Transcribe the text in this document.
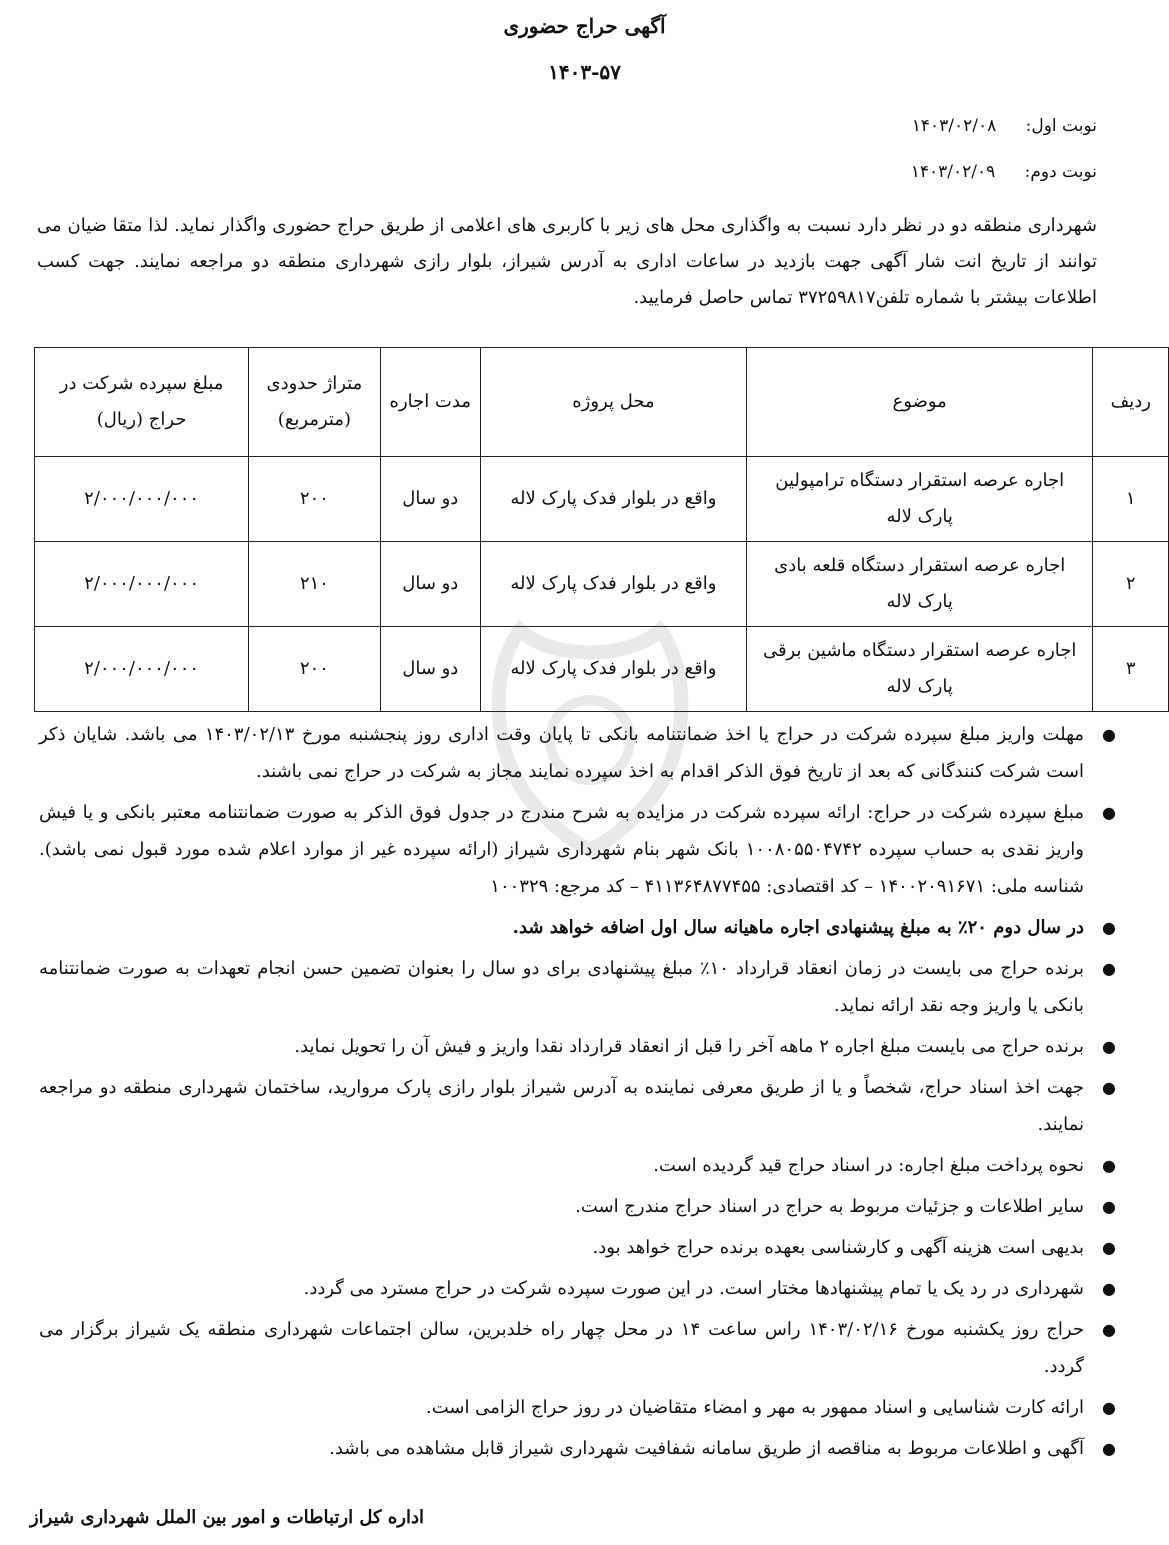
آگهی حراج حضوری
۱۴۰۳-۵۷
نوبت اول: ۱۴۰۳/۰۲/۰۸
نوبت دوم: ۱۴۰۳/۰۲/۰۹
شهرداری منطقه دو در نظر دارد نسبت به واگذاری محل های زیر با کاربری های اعلامی از طریق حراج حضوری واگذار نماید. لذا متقا ضیان می توانند از تاریخ انت شار آگهی جهت بازدید در ساعات اداری به آدرس شیراز، بلوار رازی شهرداری منطقه دو مراجعه نمایند. جهت کسب اطلاعات بیشتر با شماره تلفن۳۷۲۵۹۸۱۷ تماس حاصل فرمایید.
ردیف	موضوع	محل پروژه	مدت اجاره	متراژ حدودی (مترمربع)	مبلغ سپرده شرکت در حراج (ریال)
۱	اجاره عرصه استقرار دستگاه ترامپولین پارک لاله	واقع در بلوار فدک پارک لاله	دو سال	۲۰۰	۲/۰۰۰/۰۰۰/۰۰۰
۲	اجاره عرصه استقرار دستگاه قلعه بادی پارک لاله	واقع در بلوار فدک پارک لاله	دو سال	۲۱۰	۲/۰۰۰/۰۰۰/۰۰۰
۳	اجاره عرصه استقرار دستگاه ماشین برقی پارک لاله	واقع در بلوار فدک پارک لاله	دو سال	۲۰۰	۲/۰۰۰/۰۰۰/۰۰۰
●
مهلت واریز مبلغ سپرده شرکت در حراج یا اخذ ضمانتنامه بانکی تا پایان وقت اداری روز پنجشنبه مورخ ۱۴۰۳/۰۲/۱۳ می باشد. شایان ذکر است شرکت کنندگانی که بعد از تاریخ فوق الذکر اقدام به اخذ سپرده نمایند مجاز به شرکت در حراج نمی باشند.
●
مبلغ سپرده شرکت در حراج: ارائه سپرده شرکت در مزایده به شرح مندرج در جدول فوق الذکر به صورت ضمانتنامه معتبر بانکی و یا فیش واریز نقدی به حساب سپرده ۱۰۰۸۰۵۵۰۴۷۴۲ بانک شهر بنام شهرداری شیراز (ارائه سپرده غیر از موارد اعلام شده مورد قبول نمی باشد). شناسه ملی: ۱۴۰۰۲۰۹۱۶۷۱ – کد اقتصادی: ۴۱۱۳۶۴۸۷۷۴۵۵ – کد مرجع: ۱۰۰۳۲۹
●
در سال دوم ۲۰٪ به مبلغ پیشنهادی اجاره ماهیانه سال اول اضافه خواهد شد.
●
برنده حراج می بایست در زمان انعقاد قرارداد ۱۰٪ مبلغ پیشنهادی برای دو سال را بعنوان تضمین حسن انجام تعهدات به صورت ضمانتنامه بانکی یا واریز وجه نقد ارائه نماید.
●
برنده حراج می بایست مبلغ اجاره ۲ ماهه آخر را قبل از انعقاد قرارداد نقدا واریز و فیش آن را تحویل نماید.
●
جهت اخذ اسناد حراج، شخصاً و یا از طریق معرفی نماینده به آدرس شیراز بلوار رازی پارک مروارید، ساختمان شهرداری منطقه دو مراجعه نمایند.
●
نحوه پرداخت مبلغ اجاره: در اسناد حراج قید گردیده است.
●
سایر اطلاعات و جزئیات مربوط به حراج در اسناد حراج مندرج است.
●
بدیهی است هزینه آگهی و کارشناسی بعهده برنده حراج خواهد بود.
●
شهرداری در رد یک یا تمام پیشنهادها مختار است. در این صورت سپرده شرکت در حراج مسترد می گردد.
●
حراج روز یکشنبه مورخ ۱۴۰۳/۰۲/۱۶ راس ساعت ۱۴ در محل چهار راه خلدبرین، سالن اجتماعات شهرداری منطقه یک شیراز برگزار می گردد.
●
ارائه کارت شناسایی و اسناد ممهور به مهر و امضاء متقاضیان در روز حراج الزامی است.
●
آگهی و اطلاعات مربوط به مناقصه از طریق سامانه شفافیت شهرداری شیراز قابل مشاهده می باشد.
اداره کل ارتباطات و امور بین الملل شهرداری شیراز
